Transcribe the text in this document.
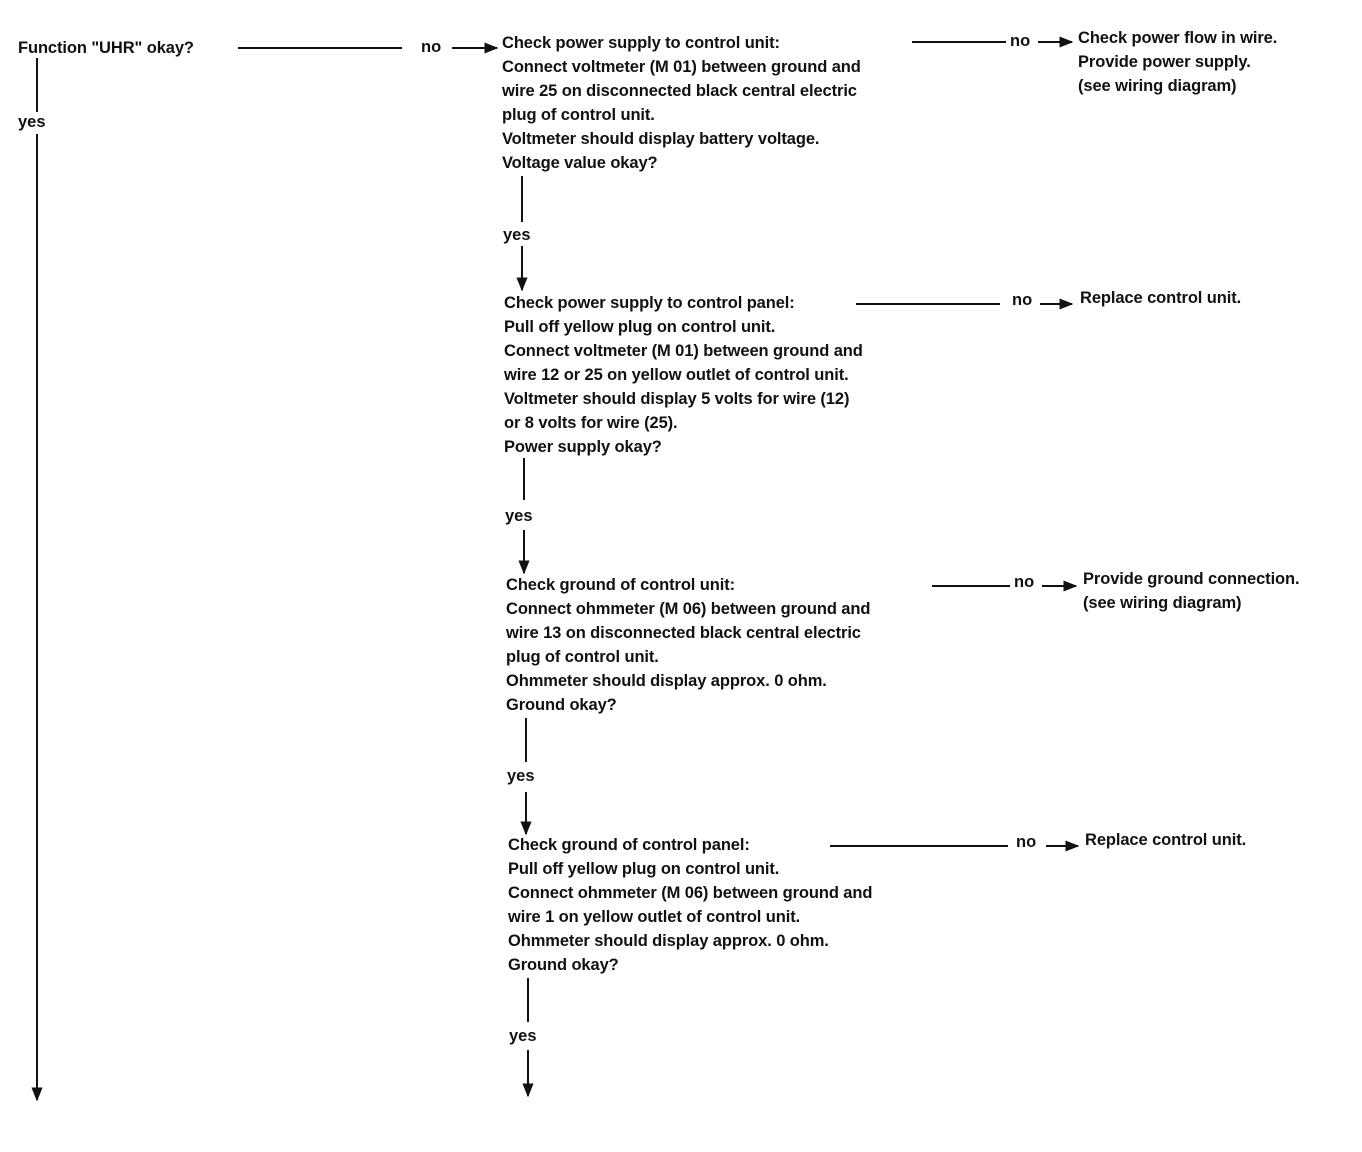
Function "UHR" okay?
yes
no	Check power supply to control unit:
Connect voltmeter (M 01) between ground and
wire 25 on disconnected black central electric
plug of control unit.
Voltmeter should display battery voltage.
Voltage value okay?
no	Check power flow in wire.
Provide power supply.
(see wiring diagram)
yes
Check power supply to control panel:
Pull off yellow plug on control unit.
Connect voltmeter (M 01) between ground and
wire 12 or 25 on yellow outlet of control unit.
Voltmeter should display 5 volts for wire (12)
or 8 volts for wire (25).
Power supply okay?
no	Replace control unit.
yes
Check ground of control unit:
Connect ohmmeter (M 06) between ground and
wire 13 on disconnected black central electric
plug of control unit.
Ohmmeter should display approx. 0 ohm.
Ground okay?
no	Provide ground connection.
(see wiring diagram)
yes
Check ground of control panel:
Pull off yellow plug on control unit.
Connect ohmmeter (M 06) between ground and
wire 1 on yellow outlet of control unit.
Ohmmeter should display approx. 0 ohm.
Ground okay?
no	Replace control unit.
yes
